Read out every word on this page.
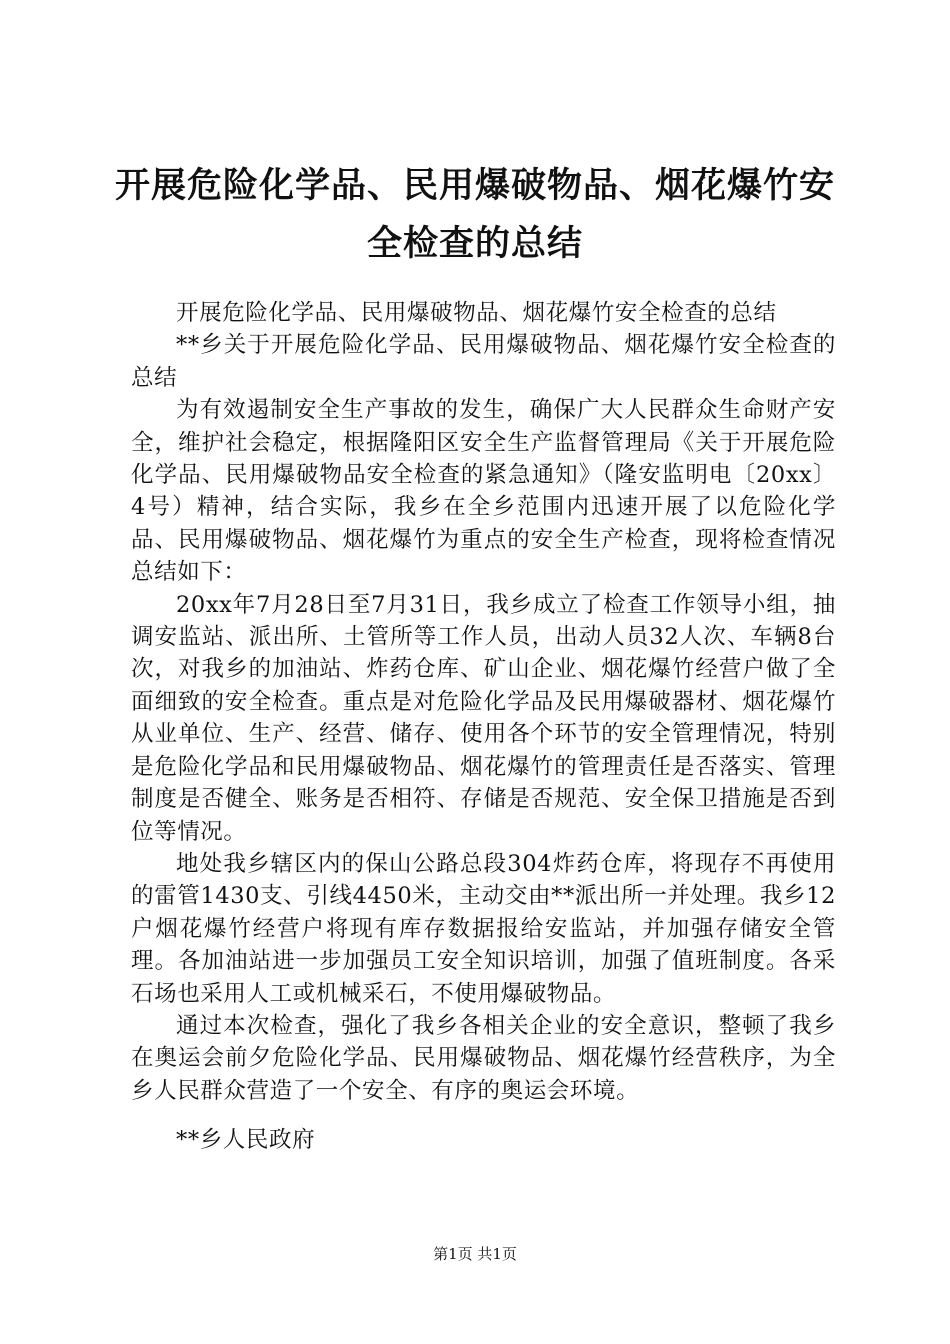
开展危险化学品、民用爆破物品、烟花爆竹安全检查的总结

开展危险化学品、民用爆破物品、烟花爆竹安全检查的总结

**乡关于开展危险化学品、民用爆破物品、烟花爆竹安全检查的总结

为有效遏制安全生产事故的发生，确保广大人民群众生命财产安全，维护社会稳定，根据隆阳区安全生产监督管理局《关于开展危险化学品、民用爆破物品安全检查的紧急通知》（隆安监明电〔20xx〕4号）精神，结合实际，我乡在全乡范围内迅速开展了以危险化学品、民用爆破物品、烟花爆竹为重点的安全生产检查，现将检查情况总结如下：

20xx年7月28日至7月31日，我乡成立了检查工作领导小组，抽调安监站、派出所、土管所等工作人员，出动人员32人次、车辆8台次，对我乡的加油站、炸药仓库、矿山企业、烟花爆竹经营户做了全面细致的安全检查。重点是对危险化学品及民用爆破器材、烟花爆竹从业单位、生产、经营、储存、使用各个环节的安全管理情况，特别是危险化学品和民用爆破物品、烟花爆竹的管理责任是否落实、管理制度是否健全、账务是否相符、存储是否规范、安全保卫措施是否到位等情况。

地处我乡辖区内的保山公路总段304炸药仓库，将现存不再使用的雷管1430支、引线4450米，主动交由**派出所一并处理。我乡12户烟花爆竹经营户将现有库存数据报给安监站，并加强存储安全管理。各加油站进一步加强员工安全知识培训，加强了值班制度。各采石场也采用人工或机械采石，不使用爆破物品。

通过本次检查，强化了我乡各相关企业的安全意识，整顿了我乡在奥运会前夕危险化学品、民用爆破物品、烟花爆竹经营秩序，为全乡人民群众营造了一个安全、有序的奥运会环境。

**乡人民政府

第1页 共1页
